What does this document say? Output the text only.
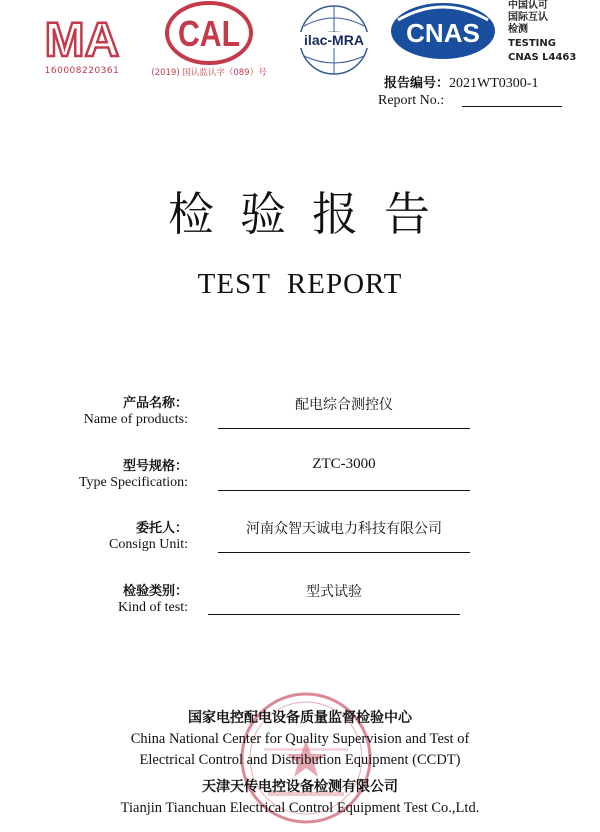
MA
160008220361
CAL
(2019) 国认监认字（089）号
ilac-MRA CNAS
中国认可
国际互认
检测
TESTING
CNAS L4463
报告编号：2021WT0300-1
Report No.:
检验报告
TEST  REPORT
产品名称：
Name of products:
配电综合测控仪
型号规格：
Type Specification:
ZTC-3000
委托人：
Consign Unit:
河南众智天诚电力科技有限公司
检验类别：
Kind of test:
型式试验
国家电控配电设备质量监督检验中心
China National Center for Quality Supervision and Test of
Electrical Control and Distribution Equipment (CCDT)
天津天传电控设备检测有限公司
Tianjin Tianchuan Electrical Control Equipment Test Co.,Ltd.
